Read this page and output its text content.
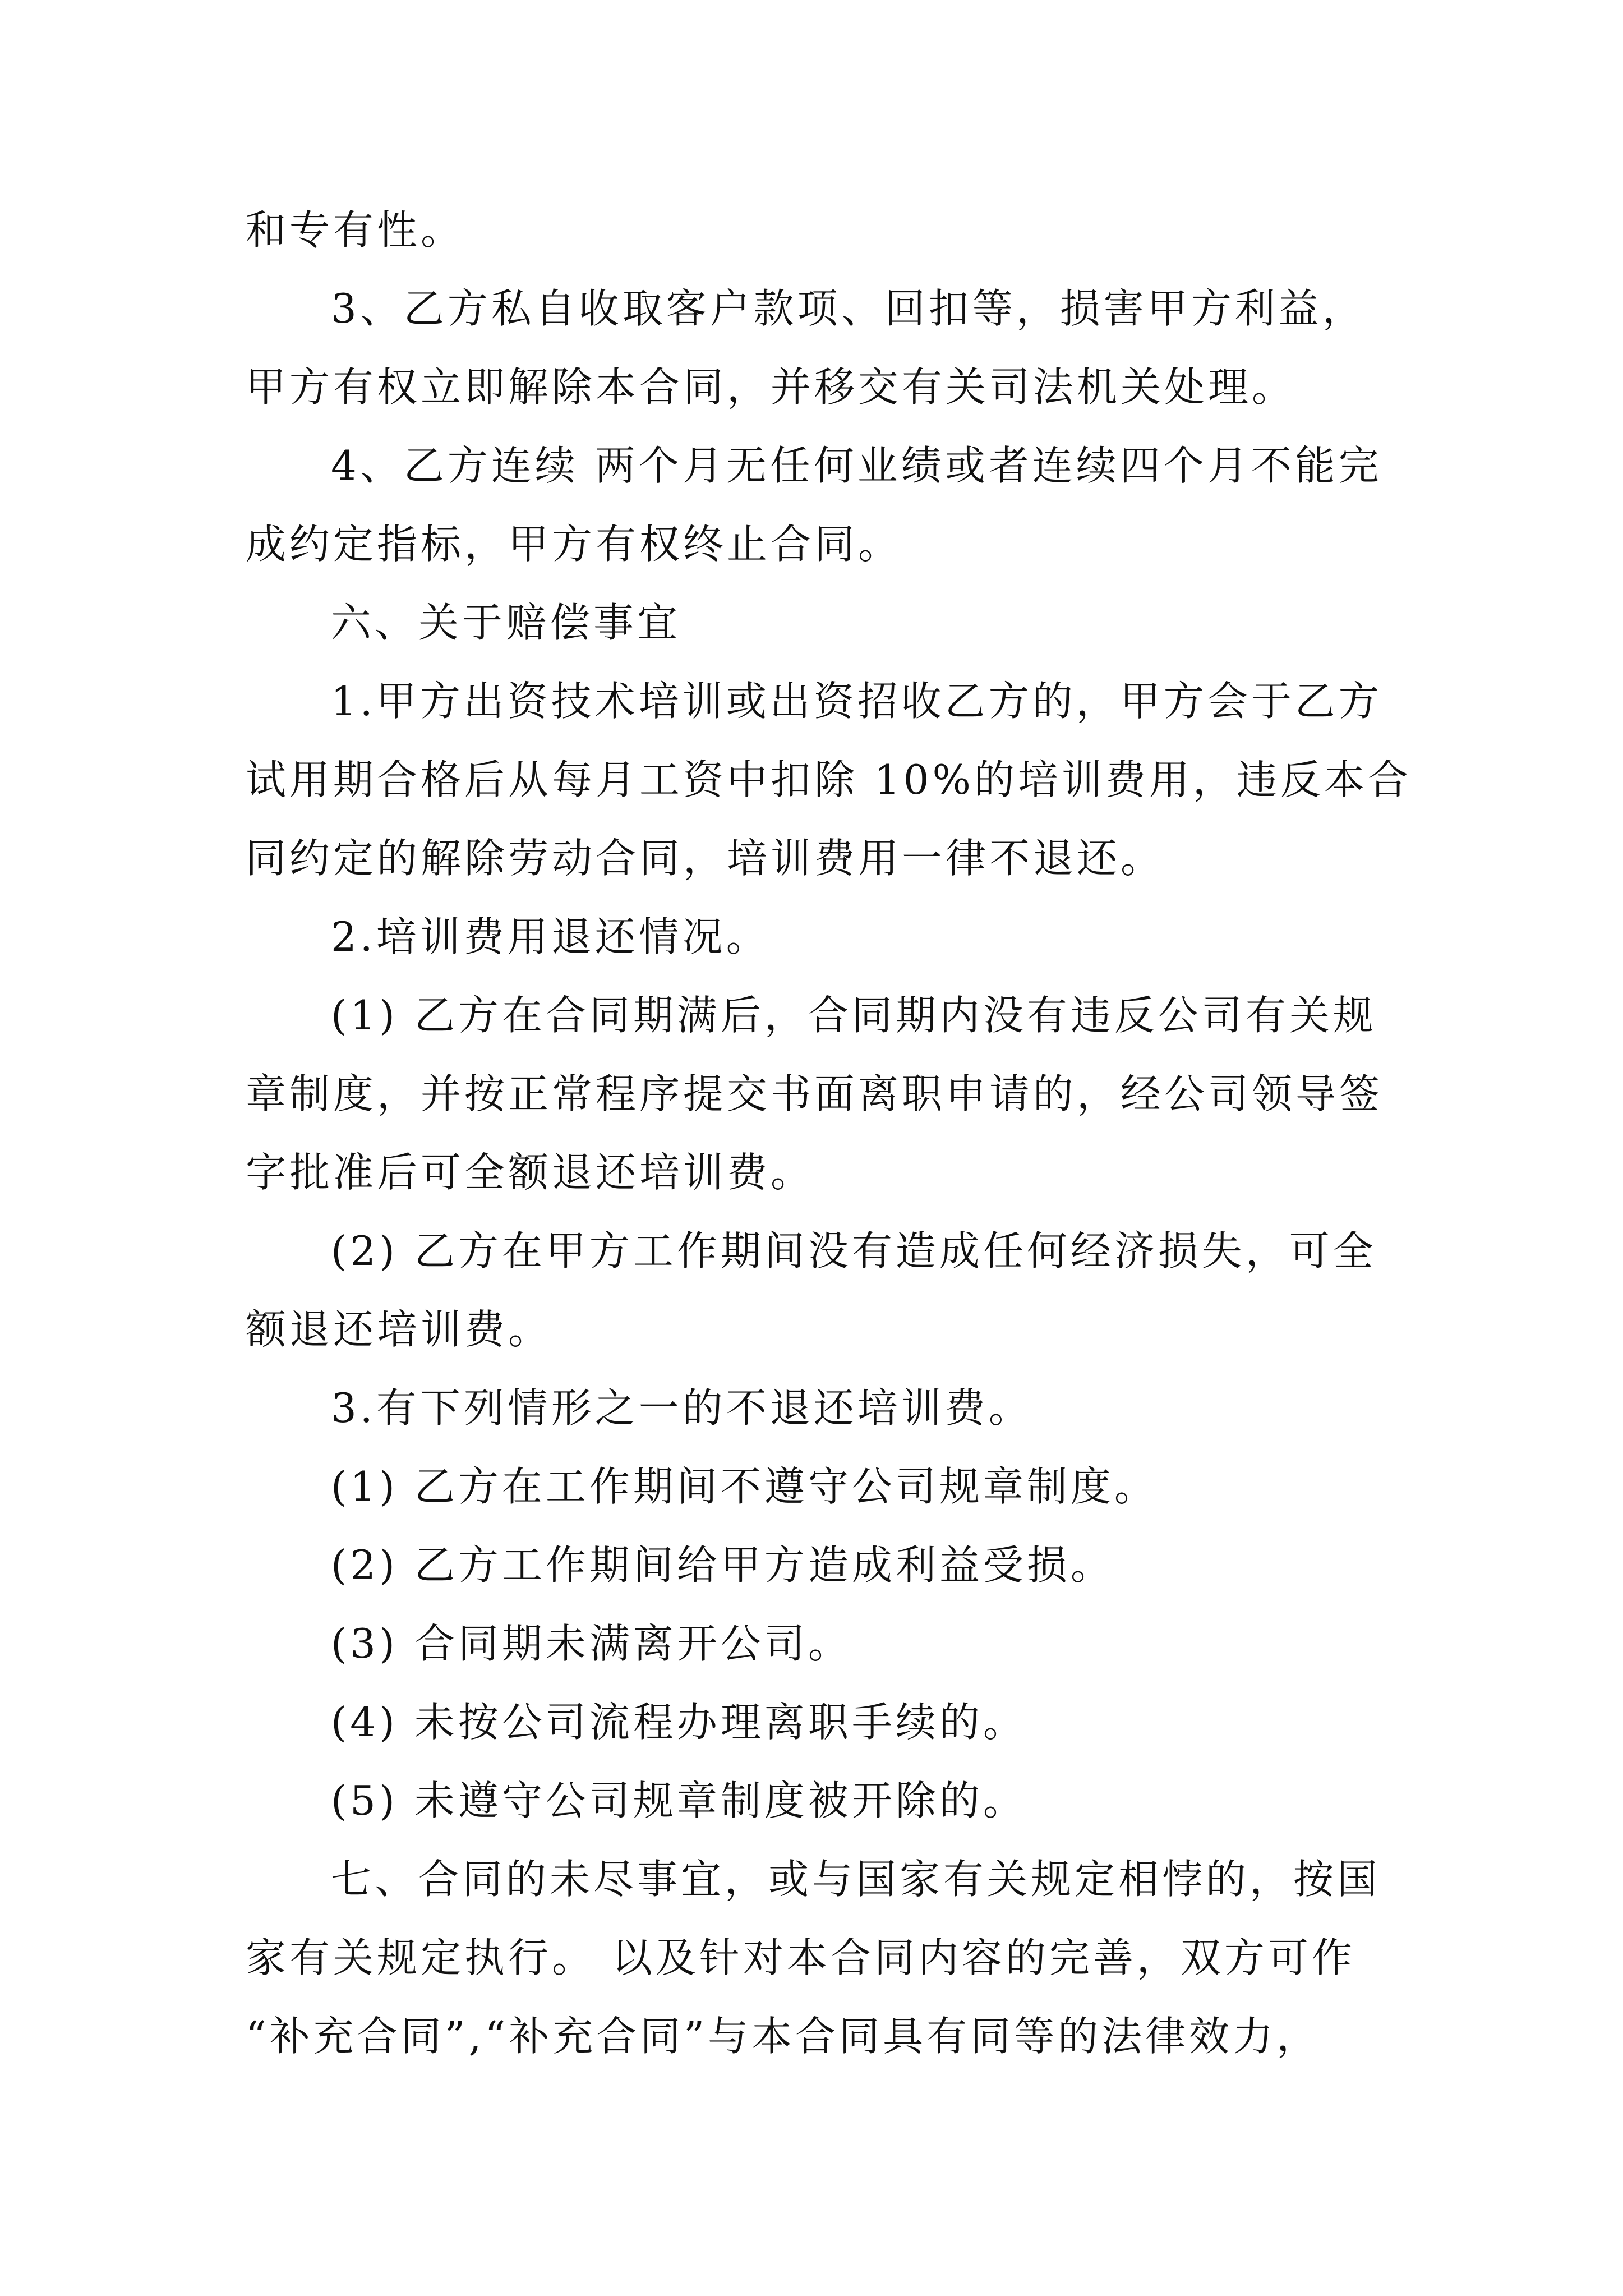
和专有性。
3、乙方私自收取客户款项、回扣等，损害甲方利益，
甲方有权立即解除本合同，并移交有关司法机关处理。
4、乙方连续 两个月无任何业绩或者连续四个月不能完
成约定指标，甲方有权终止合同。
六、关于赔偿事宜
1.甲方出资技术培训或出资招收乙方的，甲方会于乙方
试用期合格后从每月工资中扣除 10%的培训费用，违反本合
同约定的解除劳动合同，培训费用一律不退还。
2.培训费用退还情况。
(1) 乙方在合同期满后，合同期内没有违反公司有关规
章制度，并按正常程序提交书面离职申请的，经公司领导签
字批准后可全额退还培训费。
(2) 乙方在甲方工作期间没有造成任何经济损失，可全
额退还培训费。
3.有下列情形之一的不退还培训费。
(1) 乙方在工作期间不遵守公司规章制度。
(2) 乙方工作期间给甲方造成利益受损。
(3) 合同期未满离开公司。
(4) 未按公司流程办理离职手续的。
(5) 未遵守公司规章制度被开除的。
七、合同的未尽事宜，或与国家有关规定相悖的，按国
家有关规定执行。 以及针对本合同内容的完善，双方可作
“补充合同”,“补充合同”与本合同具有同等的法律效力，
